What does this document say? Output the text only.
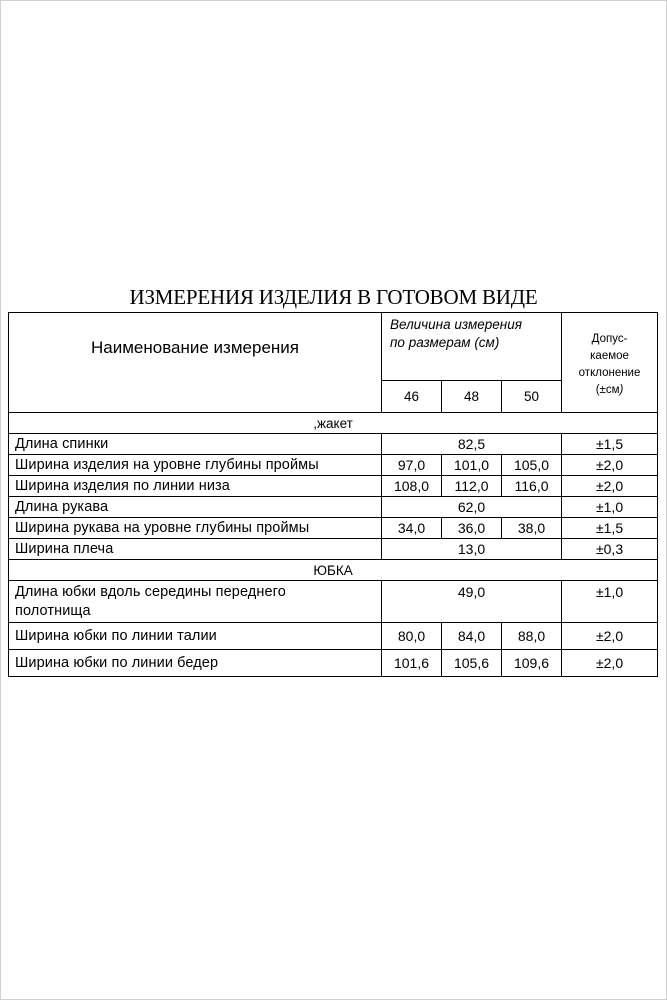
ИЗМЕРЕНИЯ ИЗДЕЛИЯ В ГОТОВОМ ВИДЕ
Наименование измерения	Величина измерения
по размерам (см)			Допус-
каемое
отклонение
(±см)
	46	48	50	
,жакет				
Длина спинки	82,5			±1,5
Ширина изделия на уровне глубины проймы	97,0	101,0	105,0	±2,0
Ширина изделия по линии низа	108,0	112,0	116,0	±2,0
Длина рукава	62,0			±1,0
Ширина рукава на уровне глубины проймы	34,0	36,0	38,0	±1,5
Ширина плеча	13,0			±0,3
ЮБКА				
Длина юбки вдоль середины переднего
полотнища	49,0			±1,0
Ширина юбки по линии талии	80,0	84,0	88,0	±2,0
Ширина юбки по линии бедер	101,6	105,6	109,6	±2,0
